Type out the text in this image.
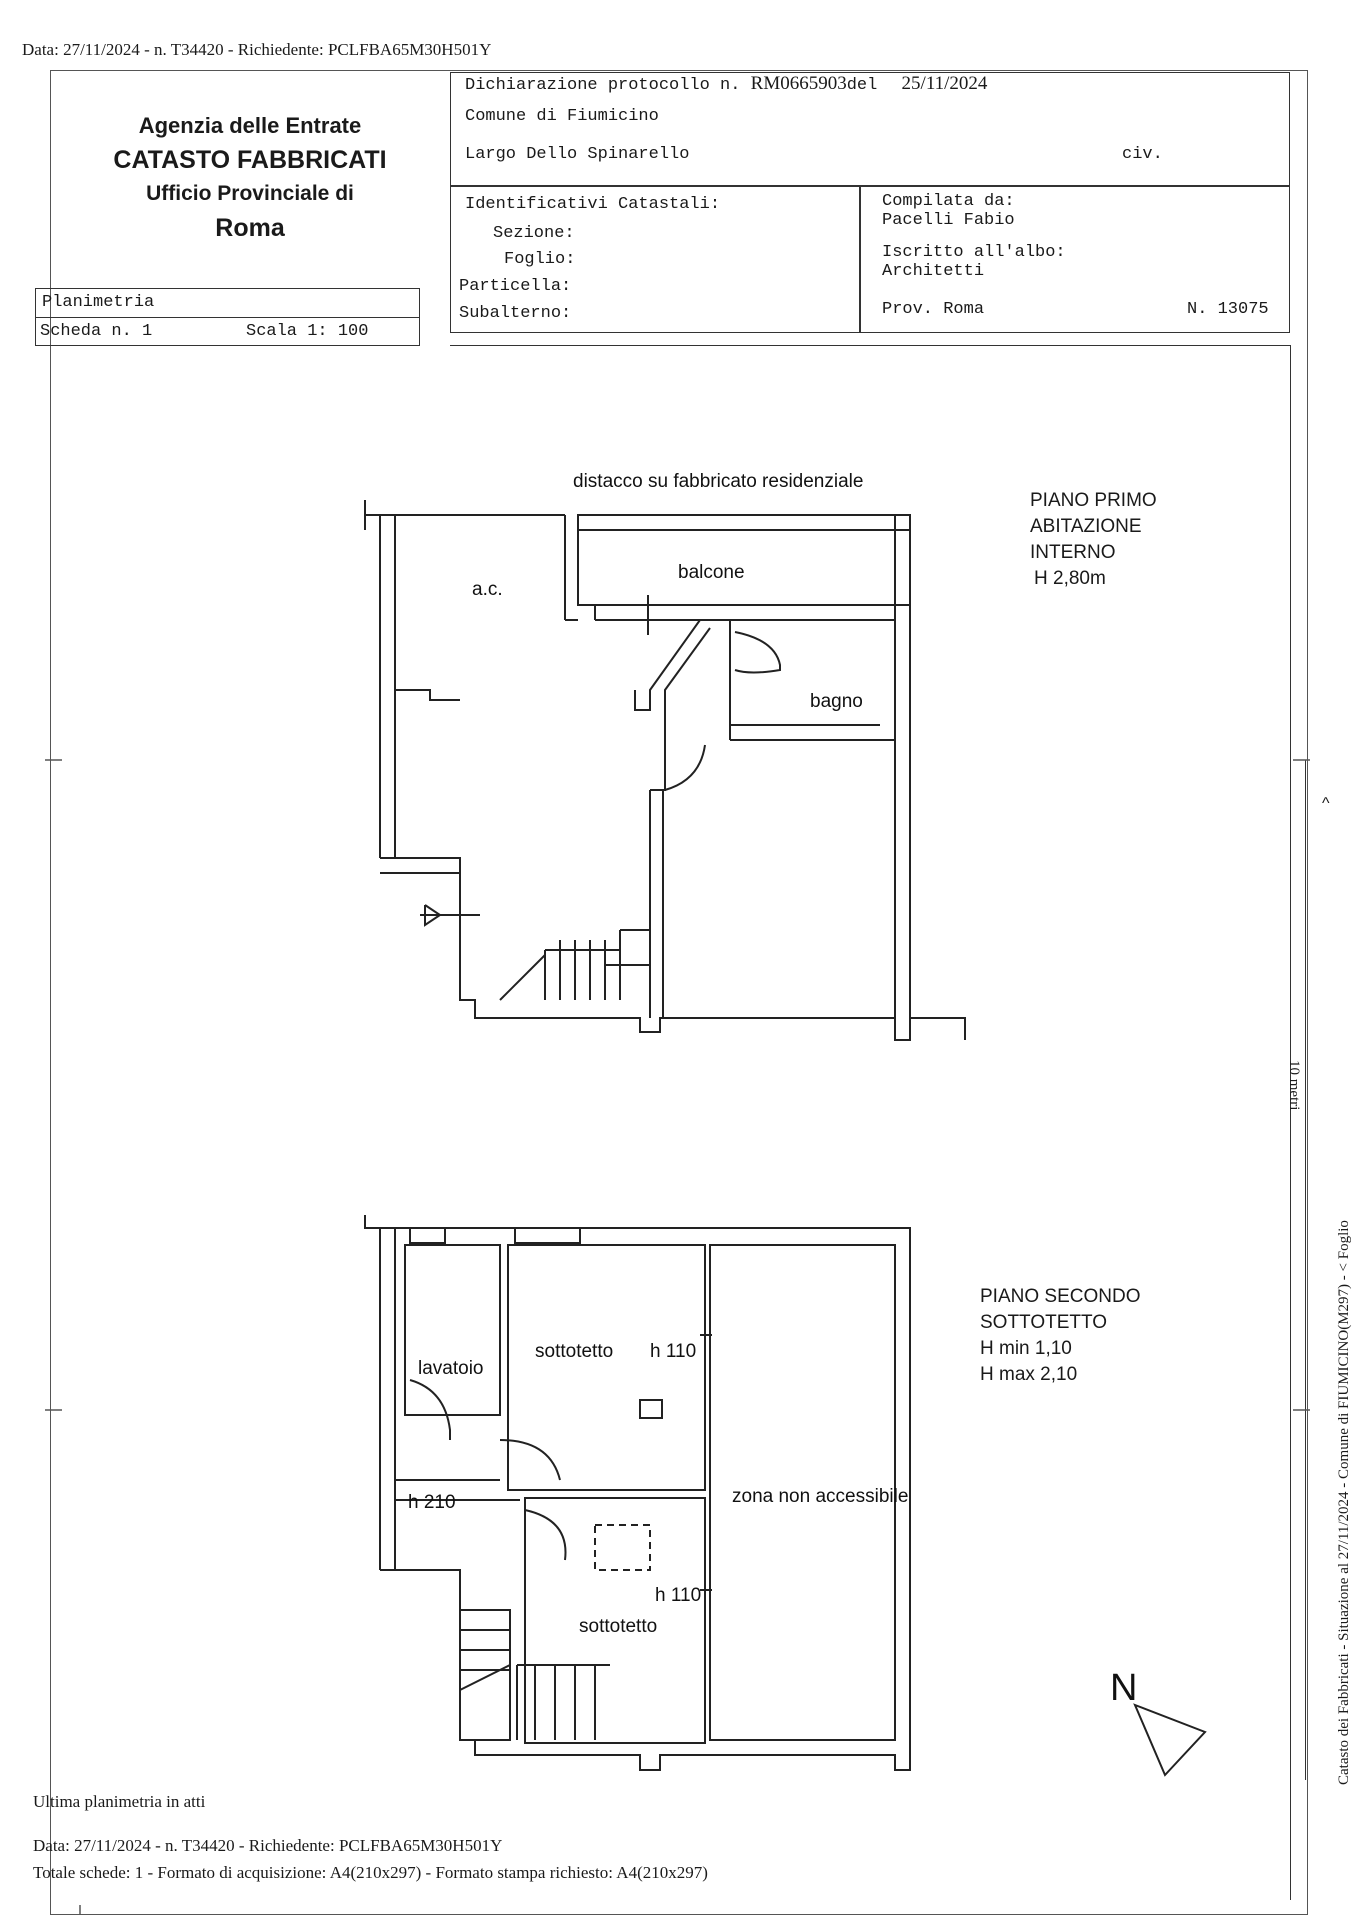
Data: 27/11/2024 - n. T34420 - Richiedente: PCLFBA65M30H501Y
Agenzia delle Entrate
CATASTO FABBRICATI
Ufficio Provinciale di
Roma
Dichiarazione protocollo n. RM0665903del 25/11/2024
Comune di Fiumicino
Largo Dello Spinarello	civ.
Identificativi Catastali:
Sezione:
Foglio:
Particella:
Subalterno:
Compilata da:
Pacelli Fabio
Iscritto all'albo:
Architetti
Prov. Roma	N. 13075
Planimetria
Scheda n. 1	Scala 1: 100
distacco su fabbricato residenziale
a.c.
balcone
bagno
lavatoio
sottotetto h 110
h 210	zona non accessibile
h 110
sottotetto
N
PIANO PRIMO
ABITAZIONE
INTERNO
H 2,80m
PIANO SECONDO
SOTTOTETTO
H min 1,10
H max 2,10	Catasto dei Fabbricati - Situazione al 27/11/2024 - Comune di FIUMICINO(M297) - < Foglio
10 metri
^
Ultima planimetria in atti
Data: 27/11/2024 - n. T34420 - Richiedente: PCLFBA65M30H501Y
Totale schede: 1 - Formato di acquisizione: A4(210x297) - Formato stampa richiesto: A4(210x297)
